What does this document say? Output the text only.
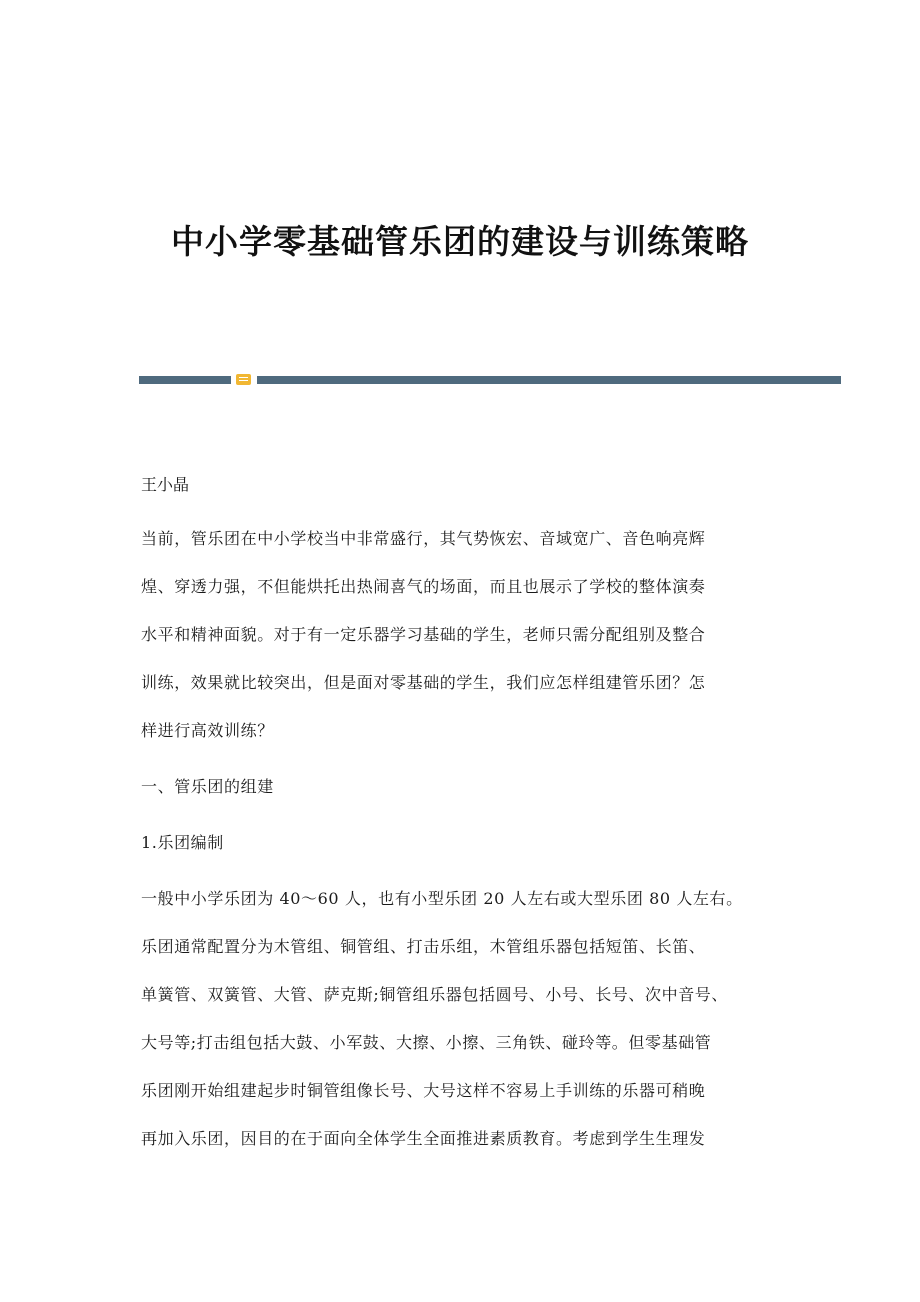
中小学零基础管乐团的建设与训练策略

王小晶

当前，管乐团在中小学校当中非常盛行，其气势恢宏、音域宽广、音色响亮辉
煌、穿透力强，不但能烘托出热闹喜气的场面，而且也展示了学校的整体演奏
水平和精神面貌。对于有一定乐器学习基础的学生，老师只需分配组别及整合
训练，效果就比较突出，但是面对零基础的学生，我们应怎样组建管乐团？怎
样进行高效训练？
一、管乐团的组建
1.乐团编制
一般中小学乐团为 40～60 人，也有小型乐团 20 人左右或大型乐团 80 人左右。
乐团通常配置分为木管组、铜管组、打击乐组，木管组乐器包括短笛、长笛、
单簧管、双簧管、大管、萨克斯;铜管组乐器包括圆号、小号、长号、次中音号、
大号等;打击组包括大鼓、小军鼓、大擦、小擦、三角铁、碰玲等。但零基础管
乐团刚开始组建起步时铜管组像长号、大号这样不容易上手训练的乐器可稍晚
再加入乐团，因目的在于面向全体学生全面推进素质教育。考虑到学生生理发
